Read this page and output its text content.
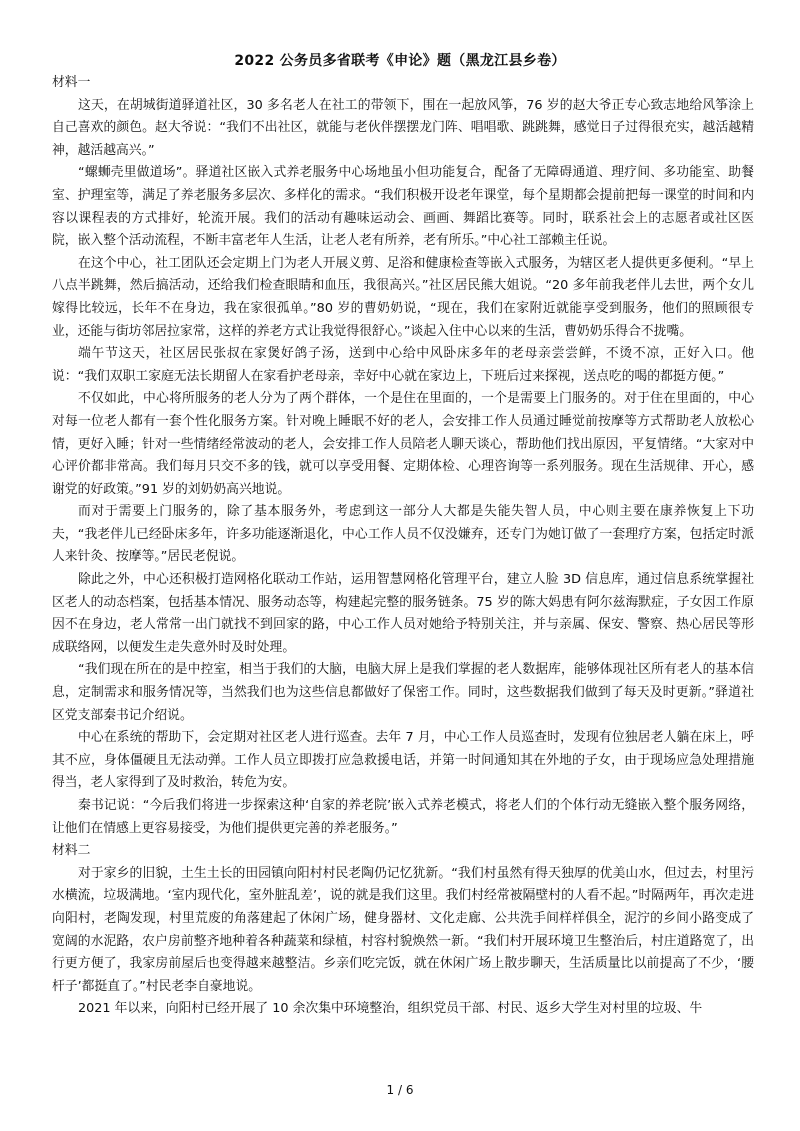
2022 公务员多省联考《申论》题（黑龙江县乡卷）

材料一

这天，在胡城街道驿道社区，30 多名老人在社工的带领下，围在一起放风筝，76 岁的赵大爷正专心致志地给风筝涂上自己喜欢的颜色。赵大爷说：“我们不出社区，就能与老伙伴摆摆龙门阵、唱唱歌、跳跳舞，感觉日子过得很充实，越活越精神，越活越高兴。”

“螺蛳壳里做道场”。驿道社区嵌入式养老服务中心场地虽小但功能复合，配备了无障碍通道、理疗间、多功能室、助餐室、护理室等，满足了养老服务多层次、多样化的需求。“我们积极开设老年课堂，每个星期都会提前把每一课堂的时间和内容以课程表的方式排好，轮流开展。我们的活动有趣味运动会、画画、舞蹈比赛等。同时，联系社会上的志愿者或社区医院，嵌入整个活动流程，不断丰富老年人生活，让老人老有所养，老有所乐。”中心社工部赖主任说。

在这个中心，社工团队还会定期上门为老人开展义剪、足浴和健康检查等嵌入式服务，为辖区老人提供更多便利。“早上八点半跳舞，然后搞活动，还给我们检查眼睛和血压，我很高兴。”社区居民熊大姐说。“20 多年前我老伴儿去世，两个女儿嫁得比较远，长年不在身边，我在家很孤单。”80 岁的曹奶奶说，“现在，我们在家附近就能享受到服务，他们的照顾很专业，还能与街坊邻居拉家常，这样的养老方式让我觉得很舒心。”谈起入住中心以来的生活，曹奶奶乐得合不拢嘴。

端午节这天，社区居民张叔在家煲好鸽子汤，送到中心给中风卧床多年的老母亲尝尝鲜，不烫不凉，正好入口。他说：“我们双职工家庭无法长期留人在家看护老母亲，幸好中心就在家边上，下班后过来探视，送点吃的喝的都挺方便。”

不仅如此，中心将所服务的老人分为了两个群体，一个是住在里面的，一个是需要上门服务的。对于住在里面的，中心对每一位老人都有一套个性化服务方案。针对晚上睡眠不好的老人，会安排工作人员通过睡觉前按摩等方式帮助老人放松心情，更好入睡；针对一些情绪经常波动的老人，会安排工作人员陪老人聊天谈心，帮助他们找出原因，平复情绪。“大家对中心评价都非常高。我们每月只交不多的钱，就可以享受用餐、定期体检、心理咨询等一系列服务。现在生活规律、开心，感谢党的好政策。”91 岁的刘奶奶高兴地说。

而对于需要上门服务的，除了基本服务外，考虑到这一部分人大都是失能失智人员，中心则主要在康养恢复上下功夫，“我老伴儿已经卧床多年，许多功能逐渐退化，中心工作人员不仅没嫌弃，还专门为她订做了一套理疗方案，包括定时派人来针灸、按摩等。”居民老倪说。

除此之外，中心还积极打造网格化联动工作站，运用智慧网格化管理平台，建立人脸 3D 信息库，通过信息系统掌握社区老人的动态档案，包括基本情况、服务动态等，构建起完整的服务链条。75 岁的陈大妈患有阿尔兹海默症，子女因工作原因不在身边，老人常常一出门就找不到回家的路，中心工作人员对她给予特别关注，并与亲属、保安、警察、热心居民等形成联络网，以便发生走失意外时及时处理。

“我们现在所在的是中控室，相当于我们的大脑，电脑大屏上是我们掌握的老人数据库，能够体现社区所有老人的基本信息，定制需求和服务情况等，当然我们也为这些信息都做好了保密工作。同时，这些数据我们做到了每天及时更新。”驿道社区党支部秦书记介绍说。

中心在系统的帮助下，会定期对社区老人进行巡查。去年 7 月，中心工作人员巡查时，发现有位独居老人躺在床上，呼其不应，身体僵硬且无法动弹。工作人员立即拨打应急救援电话，并第一时间通知其在外地的子女，由于现场应急处理措施得当，老人家得到了及时救治，转危为安。

秦书记说：“今后我们将进一步探索这种‘自家的养老院’嵌入式养老模式，将老人们的个体行动无缝嵌入整个服务网络，让他们在情感上更容易接受，为他们提供更完善的养老服务。”

材料二

对于家乡的旧貌，土生土长的田园镇向阳村村民老陶仍记忆犹新。“我们村虽然有得天独厚的优美山水，但过去，村里污水横流，垃圾满地。‘室内现代化，室外脏乱差’，说的就是我们这里。我们村经常被隔壁村的人看不起。”时隔两年，再次走进向阳村，老陶发现，村里荒废的角落建起了休闲广场，健身器材、文化走廊、公共洗手间样样俱全，泥泞的乡间小路变成了宽阔的水泥路，农户房前整齐地种着各种蔬菜和绿植，村容村貌焕然一新。“我们村开展环境卫生整治后，村庄道路宽了，出行更方便了，我家房前屋后也变得越来越整洁。乡亲们吃完饭，就在休闲广场上散步聊天，生活质量比以前提高了不少，‘腰杆子’都挺直了。”村民老李自豪地说。

2021 年以来，向阳村已经开展了 10 余次集中环境整治，组织党员干部、村民、返乡大学生对村里的垃圾、牛

1 / 6
